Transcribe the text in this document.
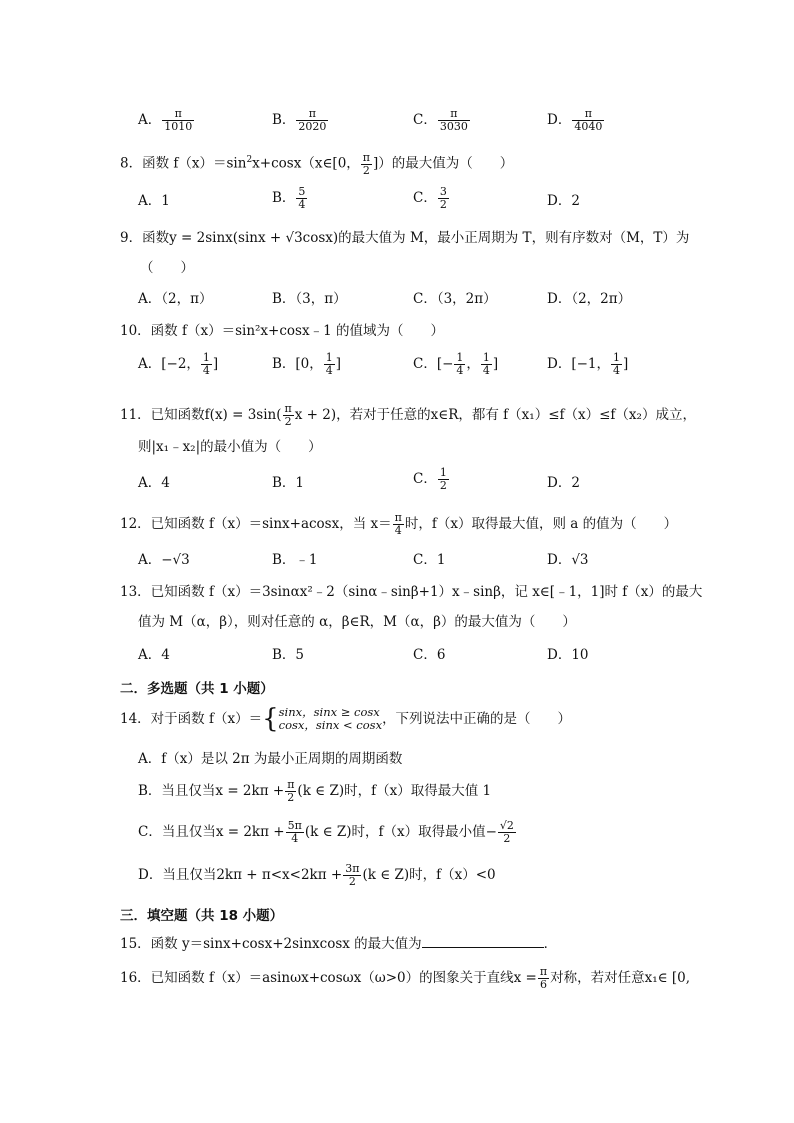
A． $\frac{\pi}{1010}$	B． $\frac{\pi}{2020}$	C． $\frac{\pi}{3030}$	D． $\frac{\pi}{4040}$
8．函数 $f(x)=\sin^2x+\cos x(x\in[0$， $\frac{\pi}{2}$ ]）的最大值为（　　）
A．1	B． $\frac{5}{4}$	C． $\frac{3}{2}$	D．2
9．函数y = 2sinx(sinx + √3cosx)的最大值为 M，最小正周期为 T，则有序数对（M，T）为
（　　）
A．（2，π）	B．（3，π）	C．（3，2π）	D．（2，2π）
10．函数 f（x）＝sin²x+cosx﹣1 的值域为（　　）
A．[−2， $\frac{1}{4}$ ]	B．[0， $\frac{1}{4}$ ]	C．[− $\frac{1}{4}$ ， $\frac{1}{4}$ ]	D．[−1， $\frac{1}{4}$ ]
11．已知函数$f(x) = 3\sin( \frac{\pi}{2}$ x + 2)，若对于任意的x∈R，都有 f（x₁）≤f（x）≤f（x₂）成立，
则|x₁﹣x₂|的最小值为（　　）
A．4	B．1	C． $\frac{1}{2}$	D．2
12．已知函数 f（x）＝sinx+acosx，当 $x= \frac{\pi}{4}$ 时，f（x）取得最大值，则 a 的值为（　　）
A．−√3	B．﹣1	C．1	D．√3
13．已知函数 f（x）＝3sinαx²﹣2（sinα﹣sinβ+1）x﹣sinβ，记 x∈[﹣1，1]时 f（x）的最大
值为 M（α，β），则对任意的 α，β∈R，M（α，β）的最大值为（　　）
A．4	B．5	C．6	D．10
二．多选题（共 1 小题）
14．对于函数 f（x）＝ { sinx，sinx ≥ cosx
cosx，sinx < cosx ，下列说法中正确的是（　　）
A．f（x）是以 2π 为最小正周期的周期函数
B．当且仅当$x = 2k\pi + \frac{\pi}{2} (k$ ∈ Z)时，f（x）取得最大值 1
C．当且仅当$x = 2k\pi + \frac{5\pi}{4} (k$ ∈ Z)时，f（x）取得最小值− $\frac{√2}{2}$
D．当且仅当$2k\pi + \pi<x<2k\pi + \frac{3\pi}{2} (k$ ∈ Z)时，f（x）<0
三．填空题（共 18 小题）
15．函数 y＝sinx+cosx+2sinxcosx 的最大值为	．
16．已知函数 f（x）＝asinωx+cosωx（ω>0）的图象关于直线$x = \frac{\pi}{6}$ 对称，若对任意x₁∈ [0,
